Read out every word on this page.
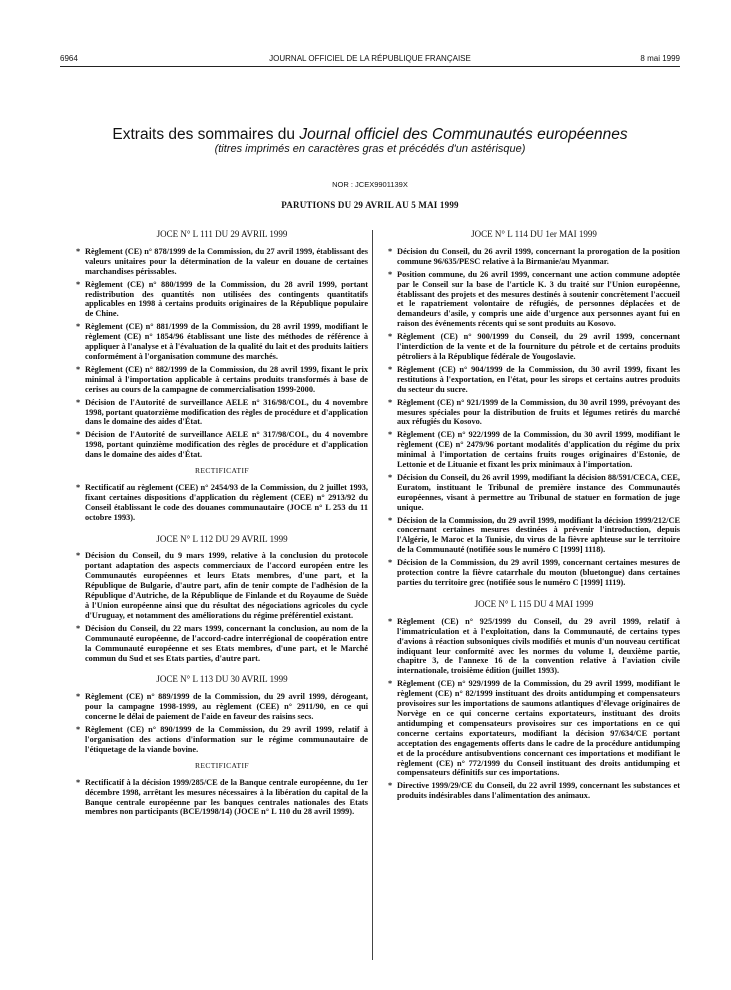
6964	JOURNAL OFFICIEL DE LA RÉPUBLIQUE FRANÇAISE	8 mai 1999
Extraits des sommaires du Journal officiel des Communautés européennes
(titres imprimés en caractères gras et précédés d'un astérisque)
NOR : JCEX9901139X
PARUTIONS DU 29 AVRIL AU 5 MAI 1999
JOCE N° L 111 DU 29 AVRIL 1999
* Règlement (CE) n° 878/1999 de la Commission, du 27 avril 1999, établissant des valeurs unitaires pour la détermination de la valeur en douane de certaines marchandises périssables.
* Règlement (CE) n° 880/1999 de la Commission, du 28 avril 1999, portant redistribution des quantités non utilisées des contingents quantitatifs applicables en 1998 à certains produits originaires de la République populaire de Chine.
* Règlement (CE) n° 881/1999 de la Commission, du 28 avril 1999, modifiant le règlement (CE) n° 1854/96 établissant une liste des méthodes de référence à appliquer à l'analyse et à l'évaluation de la qualité du lait et des produits laitiers conformément à l'organisation commune des marchés.
* Règlement (CE) n° 882/1999 de la Commission, du 28 avril 1999, fixant le prix minimal à l'importation applicable à certains produits transformés à base de cerises au cours de la campagne de commercialisation 1999-2000.
* Décision de l'Autorité de surveillance AELE n° 316/98/COL, du 4 novembre 1998, portant quatorzième modification des règles de procédure et d'application dans le domaine des aides d'État.
* Décision de l'Autorité de surveillance AELE n° 317/98/COL, du 4 novembre 1998, portant quinzième modification des règles de procédure et d'application dans le domaine des aides d'État.
RECTIFICATIF
* Rectificatif au règlement (CEE) n° 2454/93 de la Commission, du 2 juillet 1993, fixant certaines dispositions d'application du règlement (CEE) n° 2913/92 du Conseil établissant le code des douanes communautaire (JOCE n° L 253 du 11 octobre 1993).
JOCE N° L 112 DU 29 AVRIL 1999
* Décision du Conseil, du 9 mars 1999, relative à la conclusion du protocole portant adaptation des aspects commerciaux de l'accord européen entre les Communautés européennes et leurs Etats membres, d'une part, et la République de Bulgarie, d'autre part, afin de tenir compte de l'adhésion de la République d'Autriche, de la République de Finlande et du Royaume de Suède à l'Union européenne ainsi que du résultat des négociations agricoles du cycle d'Uruguay, et notamment des améliorations du régime préférentiel existant.
* Décision du Conseil, du 22 mars 1999, concernant la conclusion, au nom de la Communauté européenne, de l'accord-cadre interrégional de coopération entre la Communauté européenne et ses Etats membres, d'une part, et le Marché commun du Sud et ses Etats parties, d'autre part.
JOCE N° L 113 DU 30 AVRIL 1999
* Règlement (CE) n° 889/1999 de la Commission, du 29 avril 1999, dérogeant, pour la campagne 1998-1999, au règlement (CEE) n° 2911/90, en ce qui concerne le délai de paiement de l'aide en faveur des raisins secs.
* Règlement (CE) n° 890/1999 de la Commission, du 29 avril 1999, relatif à l'organisation des actions d'information sur le régime communautaire de l'étiquetage de la viande bovine.
RECTIFICATIF
* Rectificatif à la décision 1999/285/CE de la Banque centrale européenne, du 1er décembre 1998, arrêtant les mesures nécessaires à la libération du capital de la Banque centrale européenne par les banques centrales nationales des Etats membres non participants (BCE/1998/14) (JOCE n° L 110 du 28 avril 1999).
JOCE N° L 114 DU 1er MAI 1999
* Décision du Conseil, du 26 avril 1999, concernant la prorogation de la position commune 96/635/PESC relative à la Birmanie/au Myanmar.
* Position commune, du 26 avril 1999, concernant une action commune adoptée par le Conseil sur la base de l'article K. 3 du traité sur l'Union européenne, établissant des projets et des mesures destinés à soutenir concrètement l'accueil et le rapatriement volontaire de réfugiés, de personnes déplacées et de demandeurs d'asile, y compris une aide d'urgence aux personnes ayant fui en raison des événements récents qui se sont produits au Kosovo.
* Règlement (CE) n° 900/1999 du Conseil, du 29 avril 1999, concernant l'interdiction de la vente et de la fourniture du pétrole et de certains produits pétroliers à la République fédérale de Yougoslavie.
* Règlement (CE) n° 904/1999 de la Commission, du 30 avril 1999, fixant les restitutions à l'exportation, en l'état, pour les sirops et certains autres produits du secteur du sucre.
* Règlement (CE) n° 921/1999 de la Commission, du 30 avril 1999, prévoyant des mesures spéciales pour la distribution de fruits et légumes retirés du marché aux réfugiés du Kosovo.
* Règlement (CE) n° 922/1999 de la Commission, du 30 avril 1999, modifiant le règlement (CE) n° 2479/96 portant modalités d'application du régime du prix minimal à l'importation de certains fruits rouges originaires d'Estonie, de Lettonie et de Lituanie et fixant les prix minimaux à l'importation.
* Décision du Conseil, du 26 avril 1999, modifiant la décision 88/591/CECA, CEE, Euratom, instituant le Tribunal de première instance des Communautés européennes, visant à permettre au Tribunal de statuer en formation de juge unique.
* Décision de la Commission, du 29 avril 1999, modifiant la décision 1999/212/CE concernant certaines mesures destinées à prévenir l'introduction, depuis l'Algérie, le Maroc et la Tunisie, du virus de la fièvre aphteuse sur le territoire de la Communauté (notifiée sous le numéro C [1999] 1118).
* Décision de la Commission, du 29 avril 1999, concernant certaines mesures de protection contre la fièvre catarrhale du mouton (bluetongue) dans certaines parties du territoire grec (notifiée sous le numéro C [1999] 1119).
JOCE N° L 115 DU 4 MAI 1999
* Règlement (CE) n° 925/1999 du Conseil, du 29 avril 1999, relatif à l'immatriculation et à l'exploitation, dans la Communauté, de certains types d'avions à réaction subsoniques civils modifiés et munis d'un nouveau certificat indiquant leur conformité avec les normes du volume I, deuxième partie, chapitre 3, de l'annexe 16 de la convention relative à l'aviation civile internationale, troisième édition (juillet 1993).
* Règlement (CE) n° 929/1999 de la Commission, du 29 avril 1999, modifiant le règlement (CE) n° 82/1999 instituant des droits antidumping et compensateurs provisoires sur les importations de saumons atlantiques d'élevage originaires de Norvège en ce qui concerne certains exportateurs, instituant des droits antidumping et compensateurs provisoires sur ces importations en ce qui concerne certains exportateurs, modifiant la décision 97/634/CE portant acceptation des engagements offerts dans le cadre de la procédure antidumping et de la procédure antisubventions concernant ces importations et modifiant le règlement (CE) n° 772/1999 du Conseil instituant des droits antidumping et compensateurs définitifs sur ces importations.
* Directive 1999/29/CE du Conseil, du 22 avril 1999, concernant les substances et produits indésirables dans l'alimentation des animaux.
